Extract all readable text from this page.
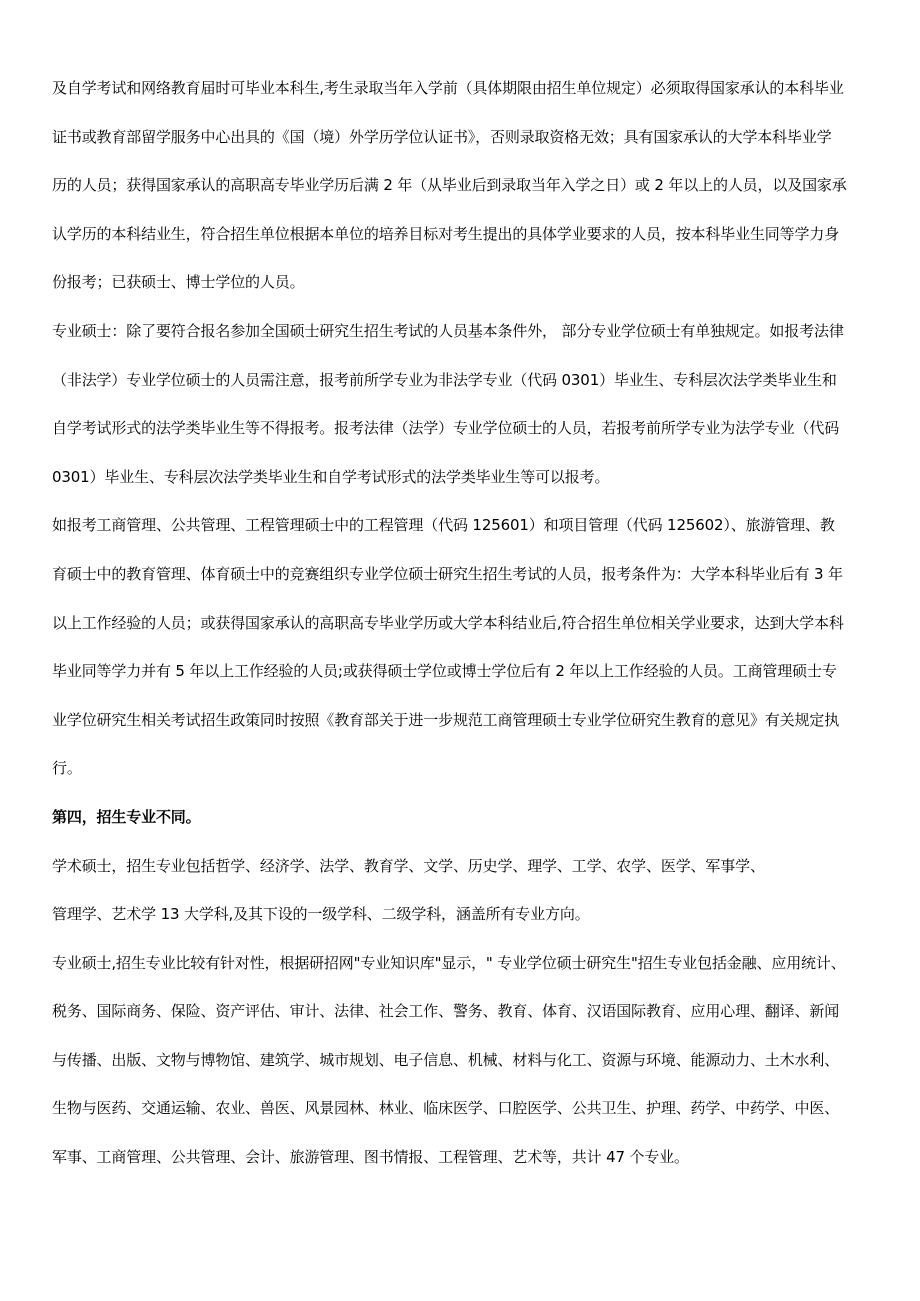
及自学考试和网络教育届时可毕业本科生,考生录取当年入学前（具体期限由招生单位规定）必须取得国家承认的本科毕业
证书或教育部留学服务中心出具的《国（境）外学历学位认证书》，否则录取资格无效；具有国家承认的大学本科毕业学
历的人员；获得国家承认的高职高专毕业学历后满 2 年（从毕业后到录取当年入学之日）或 2 年以上的人员，以及国家承
认学历的本科结业生，符合招生单位根据本单位的培养目标对考生提出的具体学业要求的人员，按本科毕业生同等学力身
份报考；已获硕士、博士学位的人员。

专业硕士：除了要符合报名参加全国硕士研究生招生考试的人员基本条件外， 部分专业学位硕士有单独规定。如报考法律
（非法学）专业学位硕士的人员需注意，报考前所学专业为非法学专业（代码 0301）毕业生、专科层次法学类毕业生和
自学考试形式的法学类毕业生等不得报考。报考法律（法学）专业学位硕士的人员，若报考前所学专业为法学专业（代码
0301）毕业生、专科层次法学类毕业生和自学考试形式的法学类毕业生等可以报考。

如报考工商管理、公共管理、工程管理硕士中的工程管理（代码 125601）和项目管理（代码 125602）、旅游管理、教
育硕士中的教育管理、体育硕士中的竞赛组织专业学位硕士研究生招生考试的人员，报考条件为：大学本科毕业后有 3 年
以上工作经验的人员；或获得国家承认的高职高专毕业学历或大学本科结业后,符合招生单位相关学业要求，达到大学本科
毕业同等学力并有 5 年以上工作经验的人员;或获得硕士学位或博士学位后有 2 年以上工作经验的人员。工商管理硕士专
业学位研究生相关考试招生政策同时按照《教育部关于进一步规范工商管理硕士专业学位研究生教育的意见》有关规定执
行。

第四，招生专业不同。

学术硕士，招生专业包括哲学、经济学、法学、教育学、文学、历史学、理学、工学、农学、医学、军事学、

管理学、艺术学 13 大学科,及其下设的一级学科、二级学科，涵盖所有专业方向。

专业硕士,招生专业比较有针对性，根据研招网"专业知识库"显示，" 专业学位硕士研究生"招生专业包括金融、应用统计、
税务、国际商务、保险、资产评估、审计、法律、社会工作、警务、教育、体育、汉语国际教育、应用心理、翻译、新闻
与传播、出版、文物与博物馆、建筑学、城市规划、电子信息、机械、材料与化工、资源与环境、能源动力、土木水利、
生物与医药、交通运输、农业、兽医、风景园林、林业、临床医学、口腔医学、公共卫生、护理、药学、中药学、中医、
军事、工商管理、公共管理、会计、旅游管理、图书情报、工程管理、艺术等，共计 47 个专业。
